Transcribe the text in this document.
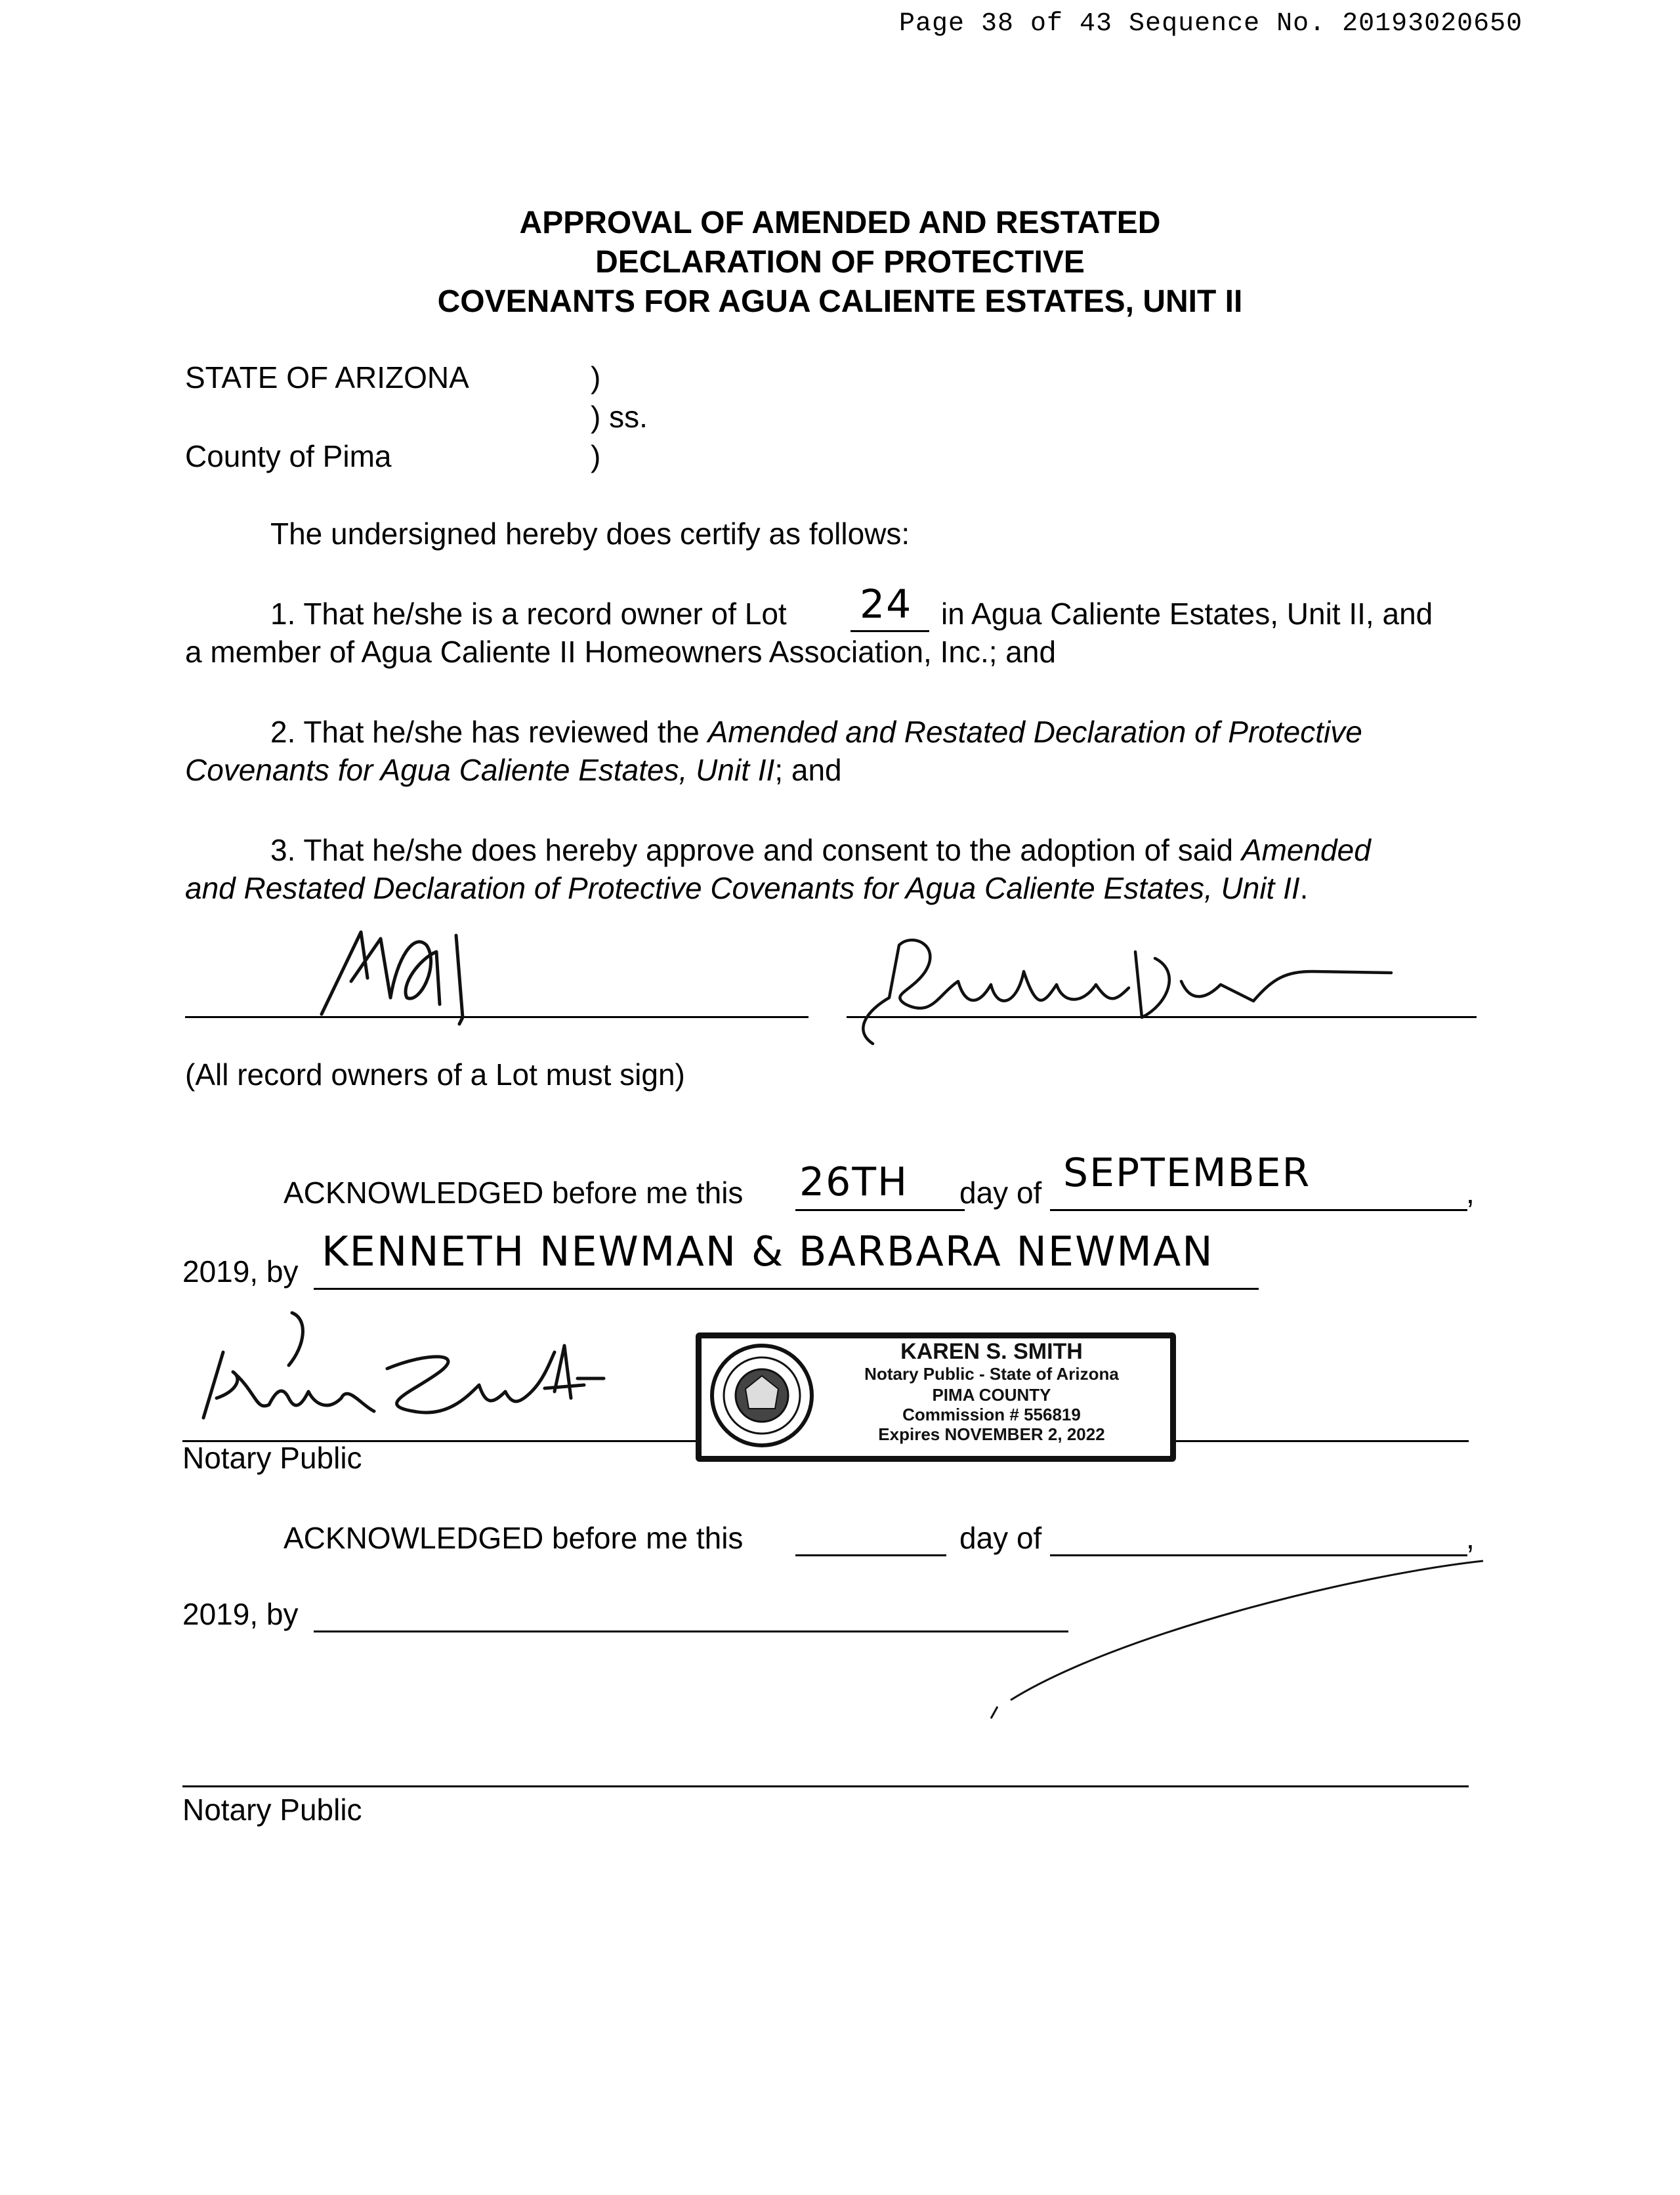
Page 38 of 43 Sequence No. 20193020650
APPROVAL OF AMENDED AND RESTATED
DECLARATION OF PROTECTIVE
COVENANTS FOR AGUA CALIENTE ESTATES, UNIT II
STATE OF ARIZONA	)
) ss.
County of Pima	)
The undersigned hereby does certify as follows:
1. That he/she is a record owner of Lot 24 in Agua Caliente Estates, Unit II, and
a member of Agua Caliente II Homeowners Association, Inc.; and
2. That he/she has reviewed the Amended and Restated Declaration of Protective
Covenants for Agua Caliente Estates, Unit II; and
3. That he/she does hereby approve and consent to the adoption of said Amended
and Restated Declaration of Protective Covenants for Agua Caliente Estates, Unit II.
(All record owners of a Lot must sign)
ACKNOWLEDGED before me this 26TH day of SEPTEMBER	,
2019, by KENNETH NEWMAN & BARBARA NEWMAN
Notary Public
KAREN S. SMITH
Notary Public - State of Arizona
PIMA COUNTY
Commission # 556819
Expires NOVEMBER 2, 2022
ACKNOWLEDGED before me this	day of	,
2019, by
Notary Public
